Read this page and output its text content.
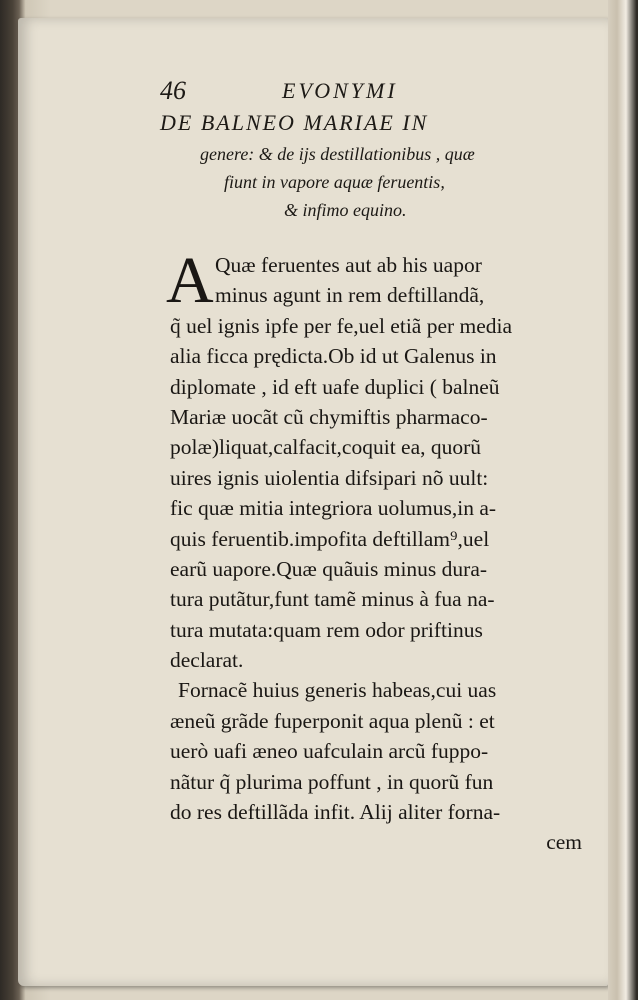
46	EVONYMI
DE BALNEO MARIAE IN
genere: & de ijs destillationibus , quæ
fiunt in vapore aquæ feruentis,
& infimo equino.
A Quæ feruentes aut ab his uapor
minus agunt in rem deftillandã,
q̃ uel ignis ipfe per fe,uel etiã per media
alia ficca prędicta.Ob id ut Galenus in
diplomate , id eft uafe duplici ( balneũ
Mariæ uocãt cũ chymiftis pharmaco-
polæ)liquat,calfacit,coquit ea, quorũ
uires ignis uiolentia difsipari nõ uult:
fic quæ mitia integriora uolumus,in a-
quis feruentib.impofita deftillam⁹,uel
earũ uapore.Quæ quãuis minus dura-
tura putãtur,funt tamẽ minus à fua na-
tura mutata:quam rem odor priftinus
declarat.
Fornacẽ huius generis habeas,cui uas
æneũ grãde fuperponit aqua plenũ : et
uerò uafi æneo uafculain arcũ fuppo-
nãtur q̃ plurima poffunt , in quorũ fun
do res deftillãda infit. Alij aliter forna-
cem
